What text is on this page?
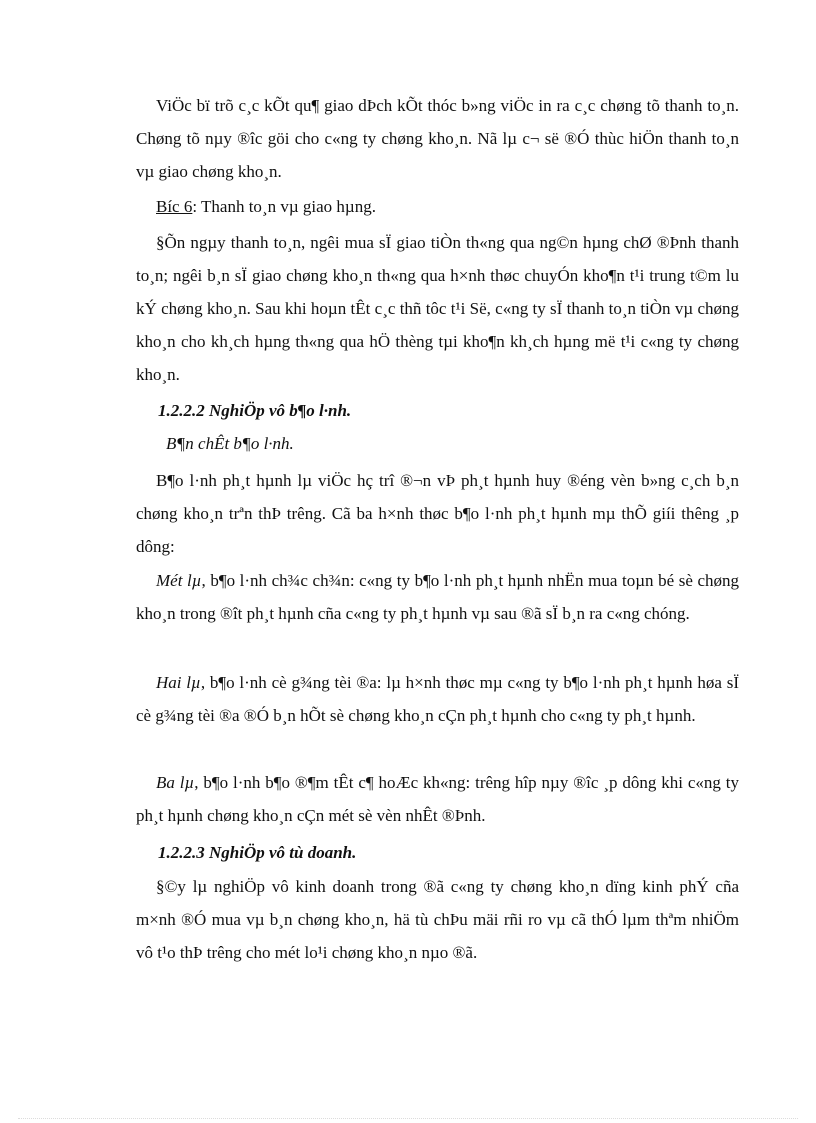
ViÖc bï trõ c¸c kÕt qu¶ giao dÞch kÕt thóc b»ng viÖc in ra c¸c chøng tõ thanh to¸n. Chøng tõ nµy ®îc göi cho c«ng ty chøng kho¸n. Nã lµ c¬ së ®Ó thùc hiÖn thanh to¸n vµ giao chøng kho¸n.

Bíc 6: Thanh to¸n vµ giao hµng.

§Õn ngµy thanh to¸n, ngêi mua sÏ giao tiÒn th«ng qua ng©n hµng chØ ®Þnh thanh to¸n; ngêi b¸n sÏ giao chøng kho¸n th«ng qua h×nh thøc chuyÓn kho¶n t¹i trung t©m lu kÝ chøng kho¸n. Sau khi hoµn tÊt c¸c thñ tôc t¹i Së, c«ng ty sÏ thanh to¸n tiÒn vµ chøng kho¸n cho kh¸ch hµng th«ng qua hÖ thèng tµi kho¶n kh¸ch hµng më t¹i c«ng ty chøng kho¸n.

1.2.2.2 NghiÖp vô b¶o l·nh.

B¶n chÊt b¶o l·nh.

B¶o l·nh ph¸t hµnh lµ viÖc hç trî ®¬n vÞ ph¸t hµnh huy ®éng vèn b»ng c¸ch b¸n chøng kho¸n trªn thÞ trêng. Cã ba h×nh thøc b¶o l·nh ph¸t hµnh mµ thÕ giíi thêng ¸p dông:

Mét lµ, b¶o l·nh ch¾c ch¾n: c«ng ty b¶o l·nh ph¸t hµnh nhËn mua toµn bé sè chøng kho¸n trong ®ît ph¸t hµnh cña c«ng ty ph¸t hµnh vµ sau ®ã sÏ b¸n ra c«ng chóng.

Hai lµ, b¶o l·nh cè g¾ng tèi ®a: lµ h×nh thøc mµ c«ng ty b¶o l·nh ph¸t hµnh høa sÏ cè g¾ng tèi ®a ®Ó b¸n hÕt sè chøng kho¸n cÇn ph¸t hµnh cho c«ng ty ph¸t hµnh.

Ba lµ, b¶o l·nh b¶o ®¶m tÊt c¶ hoÆc kh«ng: trêng hîp nµy ®îc ¸p dông khi c«ng ty ph¸t hµnh chøng kho¸n cÇn mét sè vèn nhÊt ®Þnh.

1.2.2.3 NghiÖp vô tù doanh.

§©y lµ nghiÖp vô kinh doanh trong ®ã c«ng ty chøng kho¸n dïng kinh phÝ cña m×nh ®Ó mua vµ b¸n chøng kho¸n, hä tù chÞu mäi rñi ro vµ cã thÓ lµm thªm nhiÖm vô t¹o thÞ trêng cho mét lo¹i chøng kho¸n nµo ®ã.
